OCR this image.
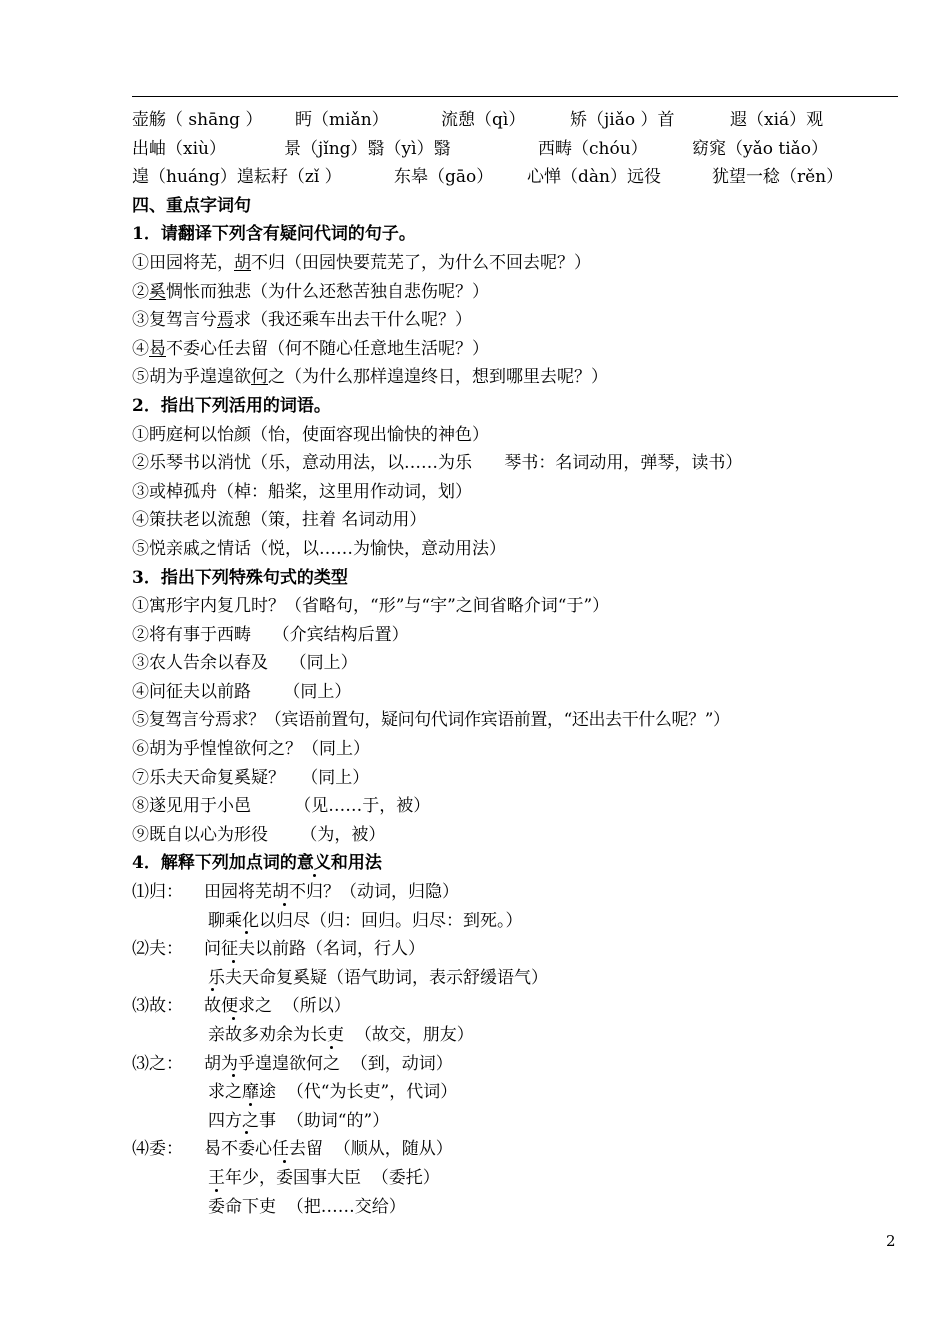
壶觞（ shāng ）	眄（miǎn）	流憩（qì）	矫（jiǎo ）首	遐（xiá）观
出岫（xiù）	景（jǐng）翳（yì）翳	西畴（chóu）	窈窕（yǎo tiǎo）
遑（huáng）遑耘耔（zǐ ）	东皋（gāo）	心惮（dàn）远役	犹望一稔（rěn）
四、重点字词句
1．请翻译下列含有疑问代词的句子。
①田园将芜，胡不归（田园快要荒芜了，为什么不回去呢？）
②奚惆怅而独悲（为什么还愁苦独自悲伤呢？）
③复驾言兮焉求（我还乘车出去干什么呢？）
④曷不委心任去留（何不随心任意地生活呢？）
⑤胡为乎遑遑欲何之（为什么那样遑遑终日，想到哪里去呢？）
2．指出下列活用的词语。
①眄庭柯以怡颜（怡，使面容现出愉快的神色）
②乐琴书以消忧（乐，意动用法，以……为乐      琴书：名词动用，弹琴，读书）
③或棹孤舟（棹：船桨，这里用作动词，划）
④策扶老以流憩（策，拄着 名词动用）
⑤悦亲戚之情话（悦，以……为愉快，意动用法）
3．指出下列特殊句式的类型
①寓形宇内复几时？（省略句，“形”与“宇”之间省略介词“于”）
②将有事于西畴    （介宾结构后置）
③农人告余以春及    （同上）
④问征夫以前路      （同上）
⑤复驾言兮焉求？（宾语前置句，疑问句代词作宾语前置，“还出去干什么呢？”）
⑥胡为乎惶惶欲何之？（同上）
⑦乐夫天命复奚疑？   （同上）
⑧遂见用于小邑        （见……于，被）
⑨既自以心为形役      （为，被）
4．解释下列加点词的意义和用法
⑴归： 田园将芜胡不归？（动词，归隐）
聊乘化以归尽（归：回归。归尽：到死。）
⑵夫： 问征夫以前路（名词，行人）
乐夫天命复奚疑（语气助词，表示舒缓语气）
⑶故： 故便求之  （所以）
亲故多劝余为长吏  （故交，朋友）
⑶之： 胡为乎遑遑欲何之  （到，动词）
求之靡途  （代“为长吏”，代词）
四方之事  （助词“的”）
⑷委： 曷不委心任去留  （顺从，随从）
王年少，委国事大臣  （委托）
委命下吏  （把……交给）
2
